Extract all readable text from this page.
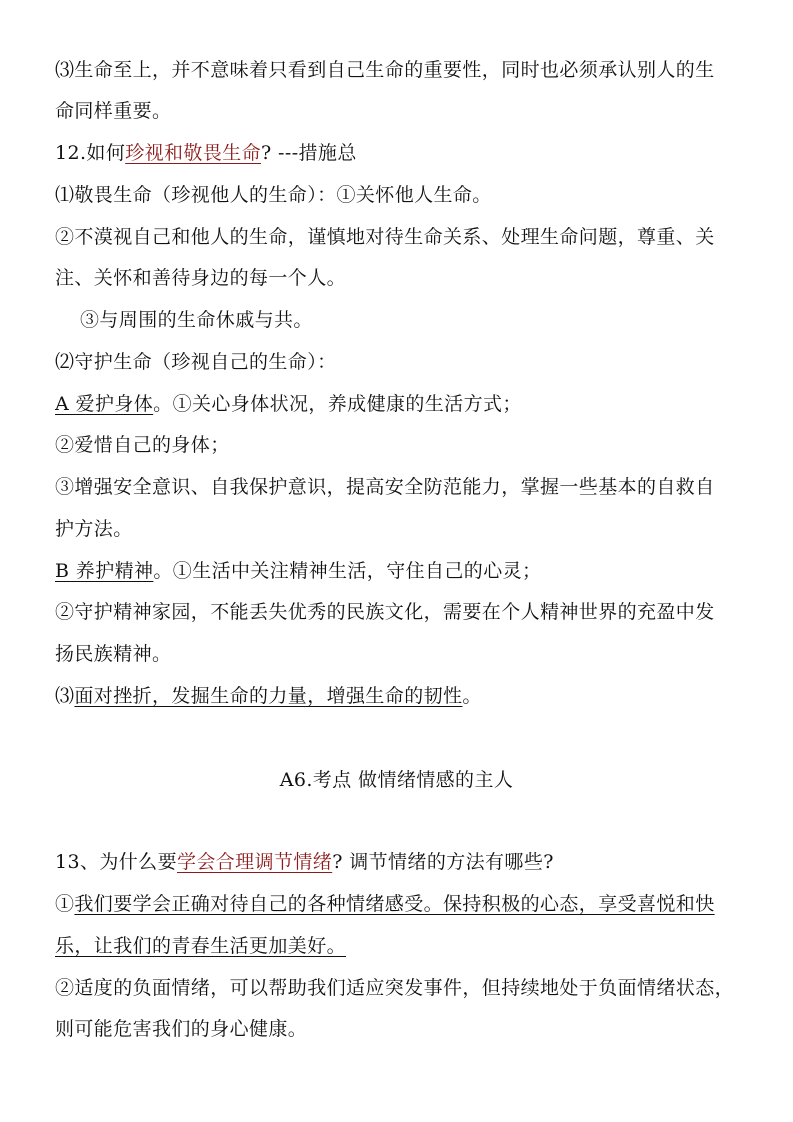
⑶生命至上，并不意味着只看到自己生命的重要性，同时也必须承认别人的生
命同样重要。
12.如何珍视和敬畏生命? ---措施总
⑴敬畏生命（珍视他人的生命）：①关怀他人生命。
②不漠视自己和他人的生命，谨慎地对待生命关系、处理生命问题，尊重、关
注、关怀和善待身边的每一个人。
③与周围的生命休戚与共。
⑵守护生命（珍视自己的生命）：
A 爱护身体。①关心身体状况，养成健康的生活方式；
②爱惜自己的身体；
③增强安全意识、自我保护意识，提高安全防范能力，掌握一些基本的自救自
护方法。
B 养护精神。①生活中关注精神生活，守住自己的心灵；
②守护精神家园，不能丢失优秀的民族文化，需要在个人精神世界的充盈中发
扬民族精神。
⑶面对挫折，发掘生命的力量，增强生命的韧性。
A6.考点 做情绪情感的主人
13、为什么要学会合理调节情绪? 调节情绪的方法有哪些?
①我们要学会正确对待自己的各种情绪感受。保持积极的心态，享受喜悦和快
乐，让我们的青春生活更加美好。
②适度的负面情绪，可以帮助我们适应突发事件，但持续地处于负面情绪状态，
则可能危害我们的身心健康。
